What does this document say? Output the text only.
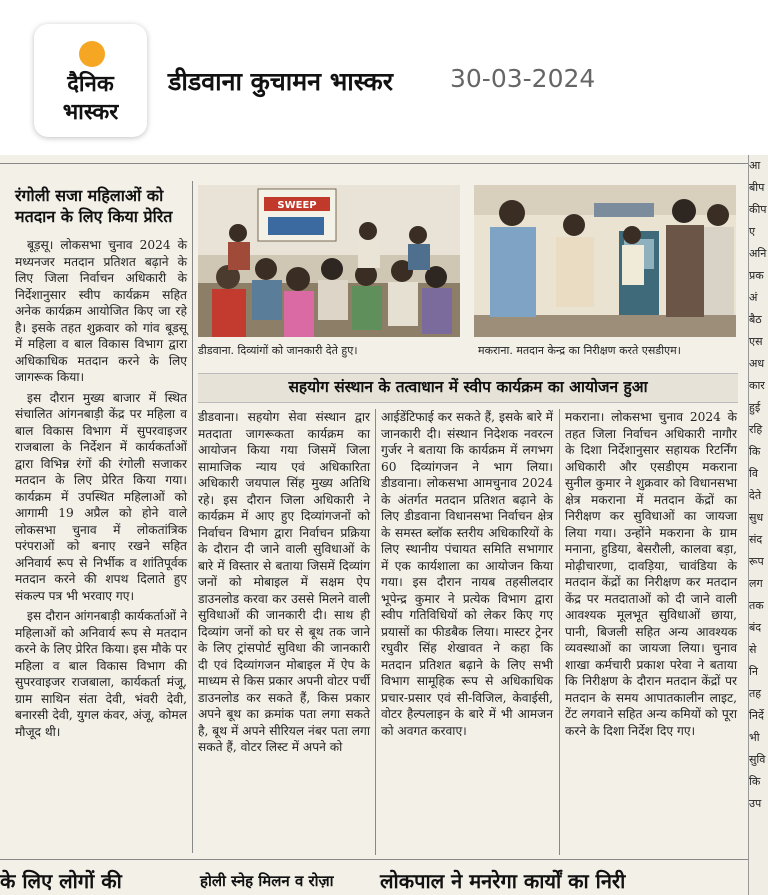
दैनिक
भास्कर
डीडवाना कुचामन भास्कर 30-03-2024
रंगोली सजा महिलाओं को मतदान के लिए किया प्रेरित

बूड़सू। लोकसभा चुनाव 2024 के मध्यनजर मतदान प्रतिशत बढ़ाने के लिए जिला निर्वाचन अधिकारी के निर्देशानुसार स्वीप कार्यक्रम सहित अनेक कार्यक्रम आयोजित किए जा रहे है। इसके तहत शुक्रवार को गांव बूडसू में महिला व बाल विकास विभाग द्वारा अधिकाधिक मतदान करने के लिए जागरूक किया।

इस दौरान मुख्य बाजार में स्थित संचालित आंगनबाड़ी केंद्र पर महिला व बाल विकास विभाग में सुपरवाइजर राजबाला के निर्देशन में कार्यकर्ताओं द्वारा विभिन्न रंगों की रंगोली सजाकर मतदान के लिए प्रेरित किया गया। कार्यक्रम में उपस्थित महिलाओं को आगामी 19 अप्रैल को होने वाले लोकसभा चुनाव में लोकतांत्रिक परंपराओं को बनाए रखने सहित अनिवार्य रूप से निर्भीक व शांतिपूर्वक मतदान करने की शपथ दिलाते हुए संकल्प पत्र भी भरवाए गए।

इस दौरान आंगनबाड़ी कार्यकर्ताओं ने महिलाओं को अनिवार्य रूप से मतदान करने के लिए प्रेरित किया। इस मौके पर महिला व बाल विकास विभाग की सुपरवाइजर राजबाला, कार्यकर्ता मंजू, ग्राम साथिन संता देवी, भंवरी देवी, बनारसी देवी, युगल कंवर, अंजू, कोमल मौजूद थी।

SWEEP
डीडवाना. दिव्यांगों को जानकारी देते हुए।	मकराना. मतदान केन्द्र का निरीक्षण करते एसडीएम।
सहयोग संस्थान के तत्वाधान में स्वीप कार्यक्रम का आयोजन हुआ

डीडवाना। सहयोग सेवा संस्थान द्वार मतदाता जागरूकता कार्यक्रम का आयोजन किया गया जिसमें जिला सामाजिक न्याय एवं अधिकारिता अधिकारी जयपाल सिंह मुख्य अतिथि रहे। इस दौरान जिला अधिकारी ने कार्यक्रम में आए हुए दिव्यांगजनों को निर्वाचन विभाग द्वारा निर्वाचन प्रक्रिया के दौरान दी जाने वाली सुविधाओं के बारे में विस्तार से बताया जिसमें दिव्यांग जनों को मोबाइल में सक्षम ऐप डाउनलोड करवा कर उससे मिलने वाली सुविधाओं की जानकारी दी। साथ ही दिव्यांग जनों को घर से बूथ तक जाने के लिए ट्रांसपोर्ट सुविधा की जानकारी दी एवं दिव्यांगजन मोबाइल में ऐप के माध्यम से किस प्रकार अपनी वोटर पर्ची डाउनलोड कर सकते हैं, किस प्रकार अपने बूथ का क्रमांक पता लगा सकते है, बूथ में अपने सीरियल नंबर पता लगा सकते हैं, वोटर लिस्ट में अपने को

आईडेंटिफाई कर सकते हैं, इसके बारे में जानकारी दी। संस्थान निदेशक नवरत्न गुर्जर ने बताया कि कार्यक्रम में लगभग 60 दिव्यांगजन ने भाग लिया। डीडवाना। लोकसभा आमचुनाव 2024 के अंतर्गत मतदान प्रतिशत बढ़ाने के लिए डीडवाना विधानसभा निर्वाचन क्षेत्र के समस्त ब्लॉक स्तरीय अधिकारियों के लिए स्थानीय पंचायत समिति सभागार में एक कार्यशाला का आयोजन किया गया। इस दौरान नायब तहसीलदार भूपेन्द्र कुमार ने प्रत्येक विभाग द्वारा स्वीप गतिविधियों को लेकर किए गए प्रयासों का फीडबैक लिया। मास्टर ट्रेनर रघुवीर सिंह शेखावत ने कहा कि मतदान प्रतिशत बढ़ाने के लिए सभी विभाग सामूहिक रूप से अधिकाधिक प्रचार-प्रसार एवं सी-विजिल, केवाईसी, वोटर हैल्पलाइन के बारे में भी आमजन को अवगत करवाए।

मकराना। लोकसभा चुनाव 2024 के तहत जिला निर्वाचन अधिकारी नागौर के दिशा निर्देशानुसार सहायक रिटर्निंग अधिकारी और एसडीएम मकराना सुनील कुमार ने शुक्रवार को विधानसभा क्षेत्र मकराना में मतदान केंद्रों का निरीक्षण कर सुविधाओं का जायजा लिया गया। उन्होंने मकराना के ग्राम मनाना, हुडिया, बेसरौली, कालवा बड़ा, मोढ़ीचारणा, दावड़िया, चावंडिया के मतदान केंद्रों का निरीक्षण कर मतदान केंद्र पर मतदाताओं को दी जाने वाली आवश्यक मूलभूत सुविधाओं छाया, पानी, बिजली सहित अन्य आवश्यक व्यवस्थाओं का जायजा लिया। चुनाव शाखा कर्मचारी प्रकाश परेवा ने बताया कि निरीक्षण के दौरान मतदान केंद्रों पर मतदान के समय आपातकालीन लाइट, टेंट लगवाने सहित अन्य कमियों को पूरा करने के दिशा निर्देश दिए गए।

आ
बीप
कीप
ए
अनि
प्रक
अं
बैठ
एस
अध
कार
हुई
रहि
कि
वि
देते
सुध
संद
रूप
लग
तक
बंद
से
नि
तह
निर्दे
भी
सुवि
कि
उप
के लिए लोगों की	होली स्नेह मिलन व रोज़ा लोकपाल ने मनरेगा कार्यों का निरी
